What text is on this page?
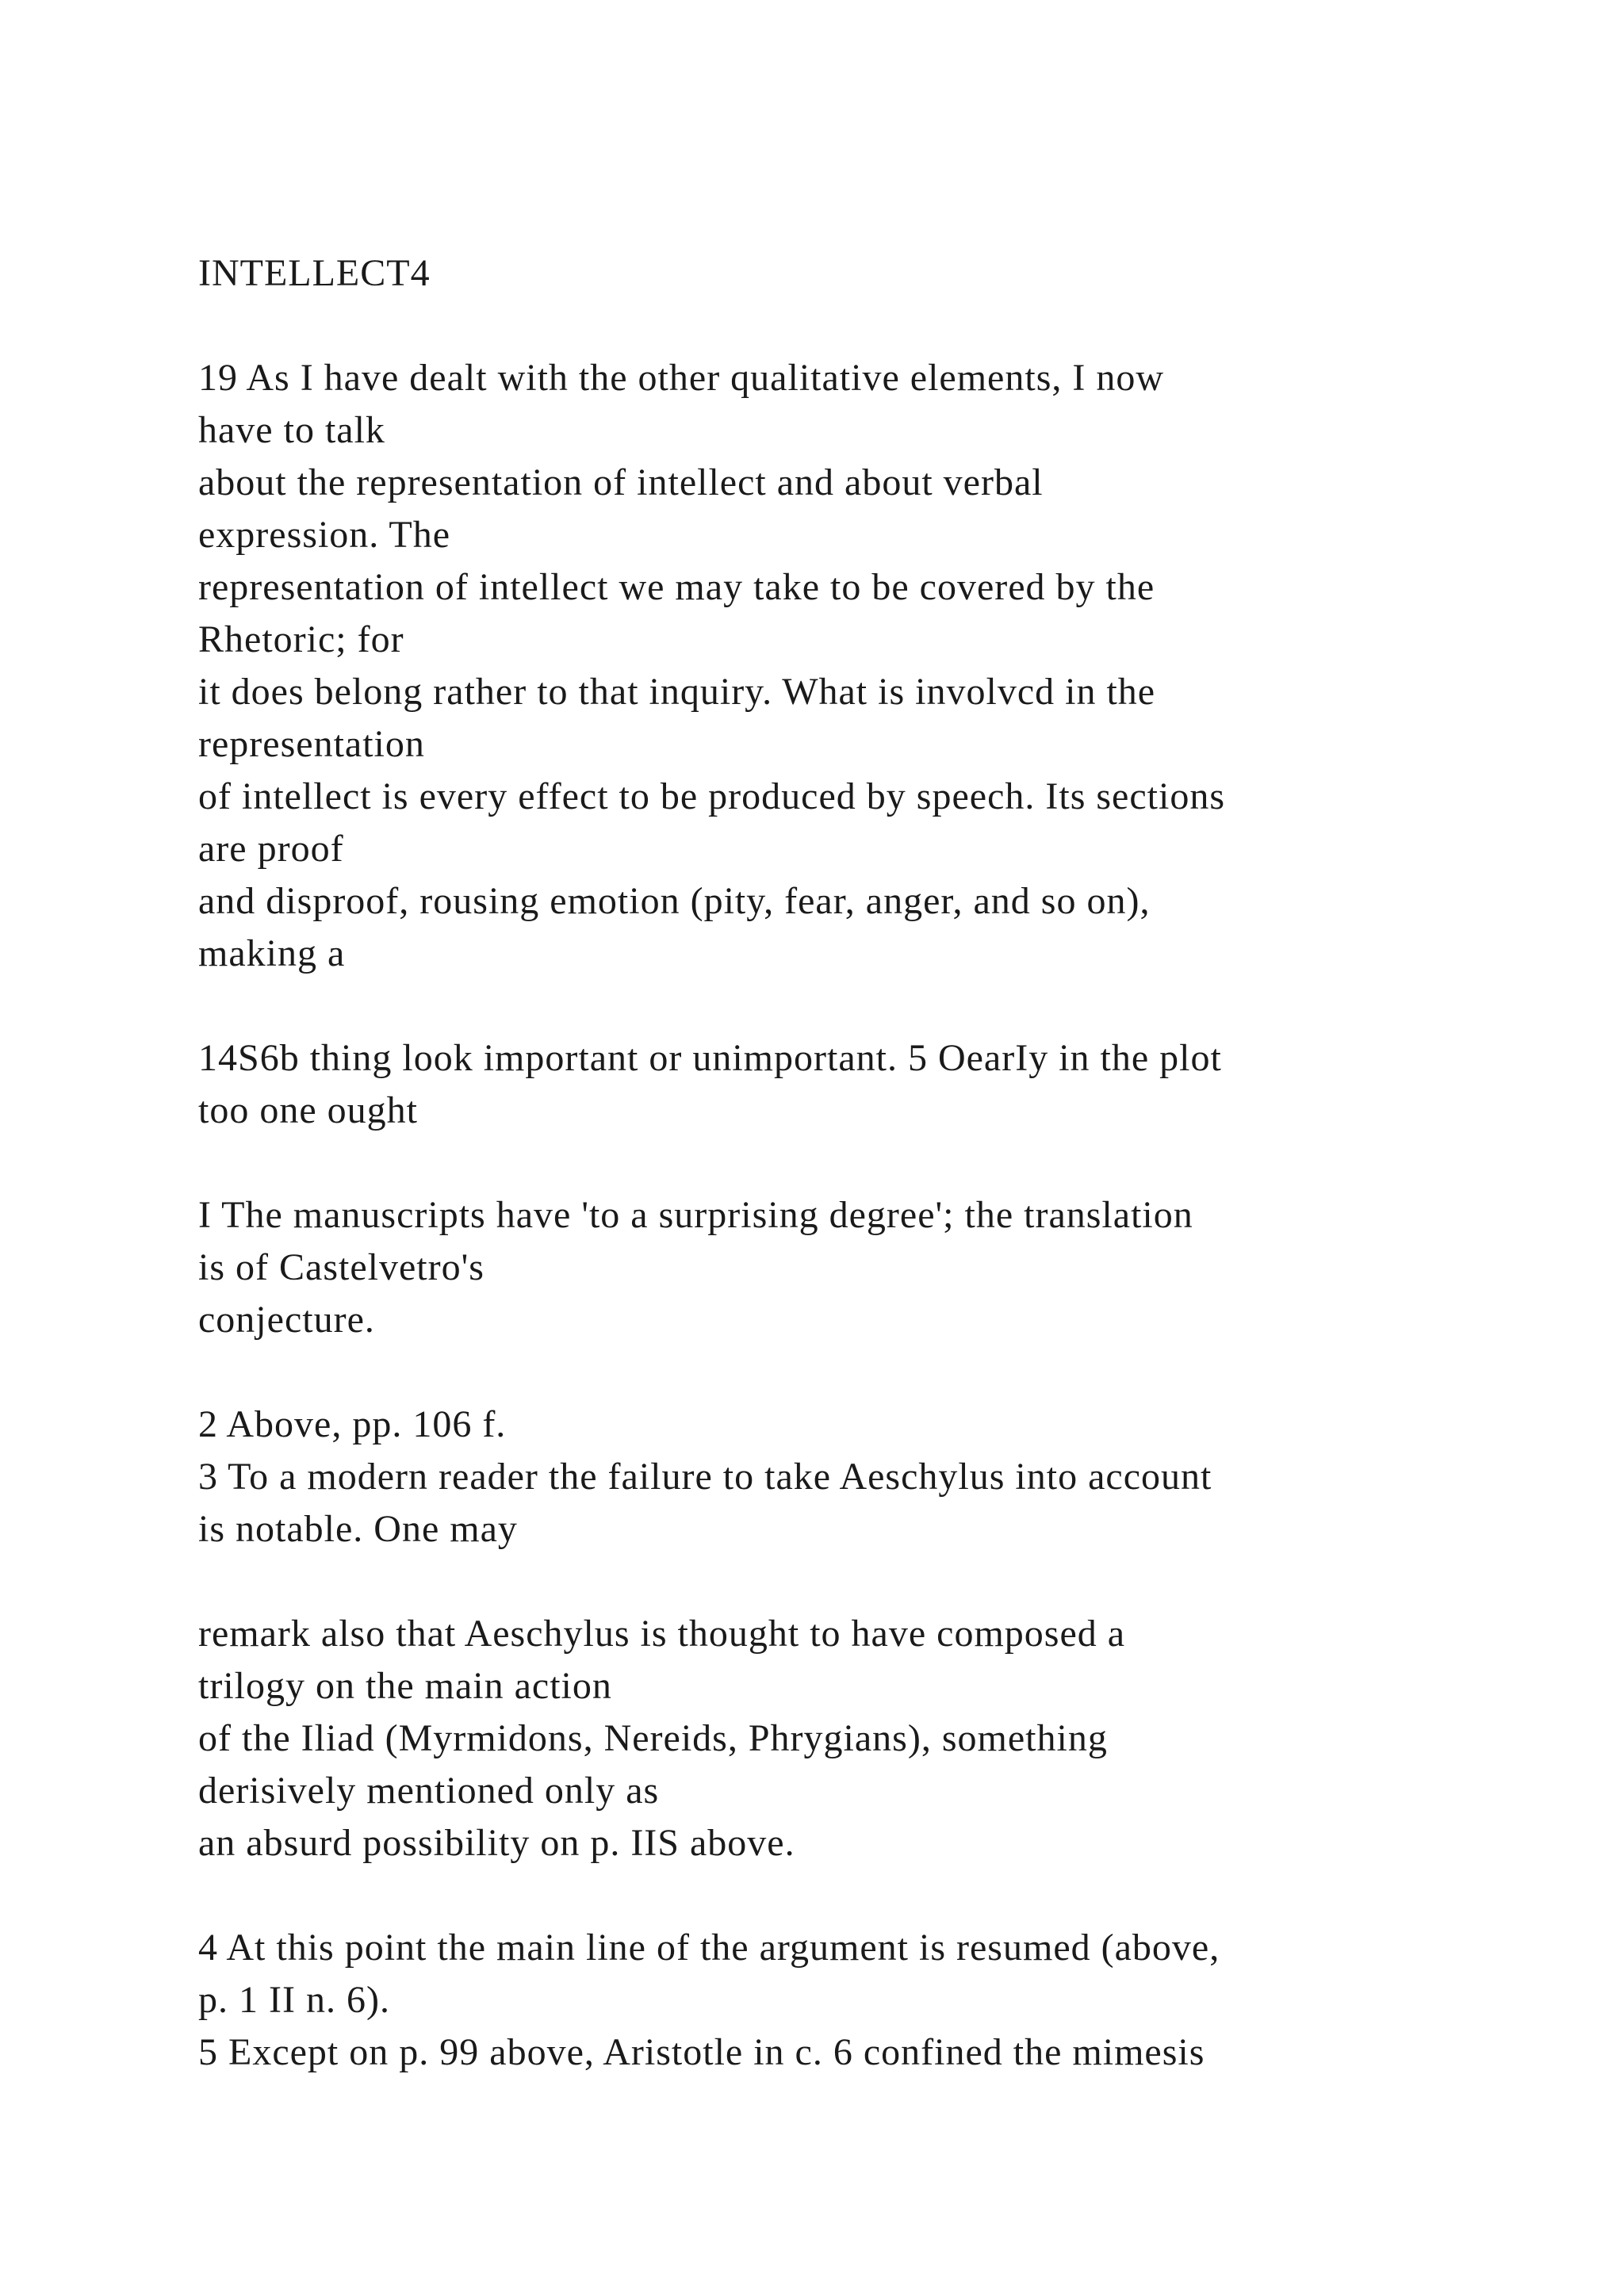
INTELLECT4
19 As I have dealt with the other qualitative elements, I now
have to talk
about the representation of intellect and about verbal
expression. The
representation of intellect we may take to be covered by the
Rhetoric; for
it does belong rather to that inquiry. What is involvcd in the
representation
of intellect is every effect to be produced by speech. Its sections
are proof
and disproof, rousing emotion (pity, fear, anger, and so on),
making a
14S6b thing look important or unimportant. 5 OearIy in the plot
too one ought
I The manuscripts have 'to a surprising degree'; the translation
is of Castelvetro's
conjecture.
2 Above, pp. 106 f.
3 To a modern reader the failure to take Aeschylus into account
is notable. One may
remark also that Aeschylus is thought to have composed a
trilogy on the main action
of the Iliad (Myrmidons, Nereids, Phrygians), something
derisively mentioned only as
an absurd possibility on p. IIS above.
4 At this point the main line of the argument is resumed (above,
p. 1 II n. 6).
5 Except on p. 99 above, Aristotle in c. 6 confined the mimesis
